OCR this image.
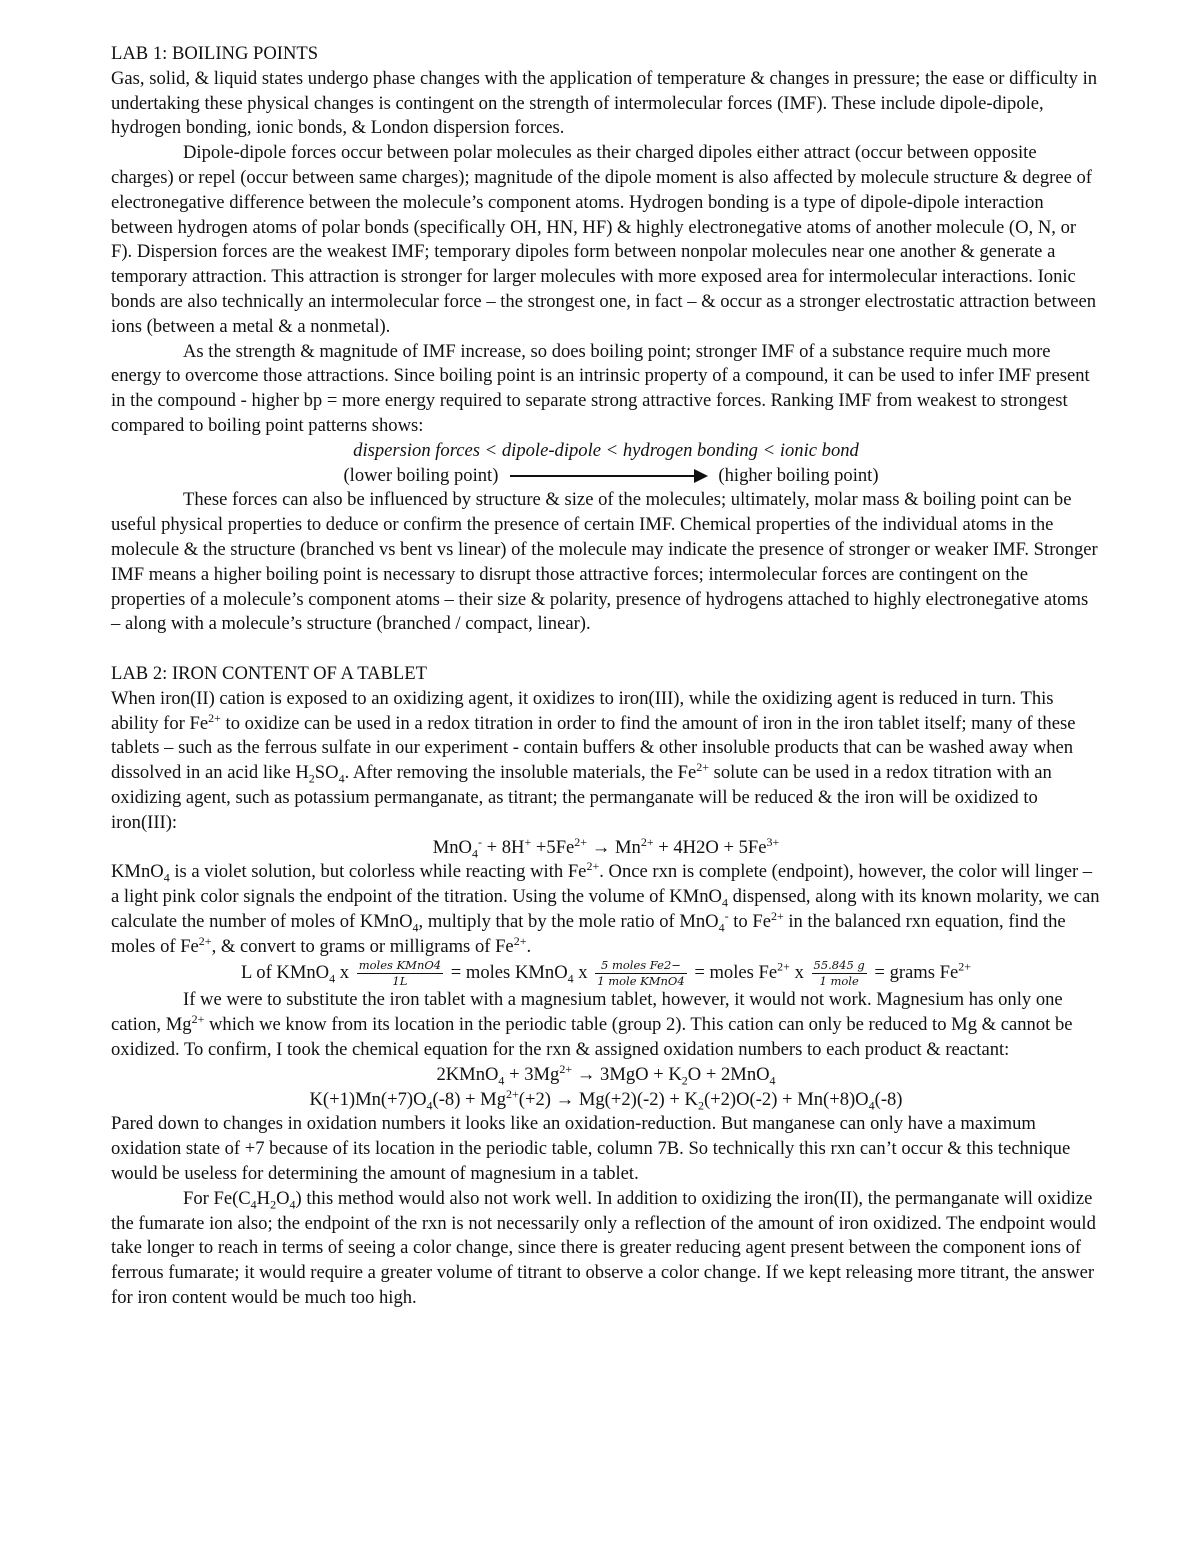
LAB 1: BOILING POINTS

Gas, solid, & liquid states undergo phase changes with the application of temperature & changes in pressure; the ease or difficulty in undertaking these physical changes is contingent on the strength of intermolecular forces (IMF). These include dipole-dipole, hydrogen bonding, ionic bonds, & London dispersion forces.

Dipole-dipole forces occur between polar molecules as their charged dipoles either attract (occur between opposite charges) or repel (occur between same charges); magnitude of the dipole moment is also affected by molecule structure & degree of electronegative difference between the molecule’s component atoms. Hydrogen bonding is a type of dipole-dipole interaction between hydrogen atoms of polar bonds (specifically OH, HN, HF) & highly electronegative atoms of another molecule (O, N, or F). Dispersion forces are the weakest IMF; temporary dipoles form between nonpolar molecules near one another & generate a temporary attraction. This attraction is stronger for larger molecules with more exposed area for intermolecular interactions. Ionic bonds are also technically an intermolecular force – the strongest one, in fact – & occur as a stronger electrostatic attraction between ions (between a metal & a nonmetal).

As the strength & magnitude of IMF increase, so does boiling point; stronger IMF of a substance require much more energy to overcome those attractions. Since boiling point is an intrinsic property of a compound, it can be used to infer IMF present in the compound - higher bp = more energy required to separate strong attractive forces. Ranking IMF from weakest to strongest compared to boiling point patterns shows:

dispersion forces < dipole-dipole < hydrogen bonding < ionic bond

(lower boiling point)	(higher boiling point)

These forces can also be influenced by structure & size of the molecules; ultimately, molar mass & boiling point can be useful physical properties to deduce or confirm the presence of certain IMF. Chemical properties of the individual atoms in the molecule & the structure (branched vs bent vs linear) of the molecule may indicate the presence of stronger or weaker IMF. Stronger IMF means a higher boiling point is necessary to disrupt those attractive forces; intermolecular forces are contingent on the properties of a molecule’s component atoms – their size & polarity, presence of hydrogens attached to highly electronegative atoms – along with a molecule’s structure (branched / compact, linear).

LAB 2: IRON CONTENT OF A TABLET

When iron(II) cation is exposed to an oxidizing agent, it oxidizes to iron(III), while the oxidizing agent is reduced in turn. This ability for $Fe^{2+}$ to oxidize can be used in a redox titration in order to find the amount of iron in the iron tablet itself; many of these tablets – such as the ferrous sulfate in our experiment - contain buffers & other insoluble products that can be washed away when dissolved in an acid like $H_2SO_4$. After removing the insoluble materials, the $Fe^{2+}$ solute can be used in a redox titration with an oxidizing agent, such as potassium permanganate, as titrant; the permanganate will be reduced & the iron will be oxidized to iron(III):

$MnO_4^- + 8H^+ +5Fe^{2+} \to Mn^{2+} + 4H2O + 5Fe^{3+}$

KMnO$_4$ is a violet solution, but colorless while reacting with $Fe^{2+}$. Once rxn is complete (endpoint), however, the color will linger – a light pink color signals the endpoint of the titration. Using the volume of KMnO$_4$ dispensed, along with its known molarity, we can calculate the number of moles of KMnO$_4$, multiply that by the mole ratio of MnO$_4$- to $Fe^{2+}$ in the balanced rxn equation, find the moles of $Fe^{2+}$, & convert to grams or milligrams of $Fe^{2+}$.

L of KMnO$_4$ x $\frac{\text{moles KMnO4}}{1L}$ = moles KMnO$_4$ x $\frac{\text{5 moles Fe2−}}{\text{1 mole KMnO4}}$ = moles $Fe^{2+}$ x $\frac{55.845 g}{\text{1 mole}}$ = grams $Fe^{2+}$

If we were to substitute the iron tablet with a magnesium tablet, however, it would not work. Magnesium has only one cation, $Mg^{2+}$ which we know from its location in the periodic table (group 2). This cation can only be reduced to Mg & cannot be oxidized. To confirm, I took the chemical equation for the rxn & assigned oxidation numbers to each product & reactant:

2KMnO$_4$ + $3Mg^{2+} \to 3MgO + K_2O + 2MnO_4$

$K(+1)Mn(+7)O_4(-8) + Mg^{2+}(+2) \to Mg(+2)(-2) + K_2(+2)O(-2) + Mn(+8)O_4(-8)$

Pared down to changes in oxidation numbers it looks like an oxidation-reduction. But manganese can only have a maximum oxidation state of +7 because of its location in the periodic table, column 7B. So technically this rxn can’t occur & this technique would be useless for determining the amount of magnesium in a tablet.

For $Fe(C_4H_2O_4)$ this method would also not work well. In addition to oxidizing the iron(II), the permanganate will oxidize the fumarate ion also; the endpoint of the rxn is not necessarily only a reflection of the amount of iron oxidized. The endpoint would take longer to reach in terms of seeing a color change, since there is greater reducing agent present between the component ions of ferrous fumarate; it would require a greater volume of titrant to observe a color change. If we kept releasing more titrant, the answer for iron content would be much too high.
